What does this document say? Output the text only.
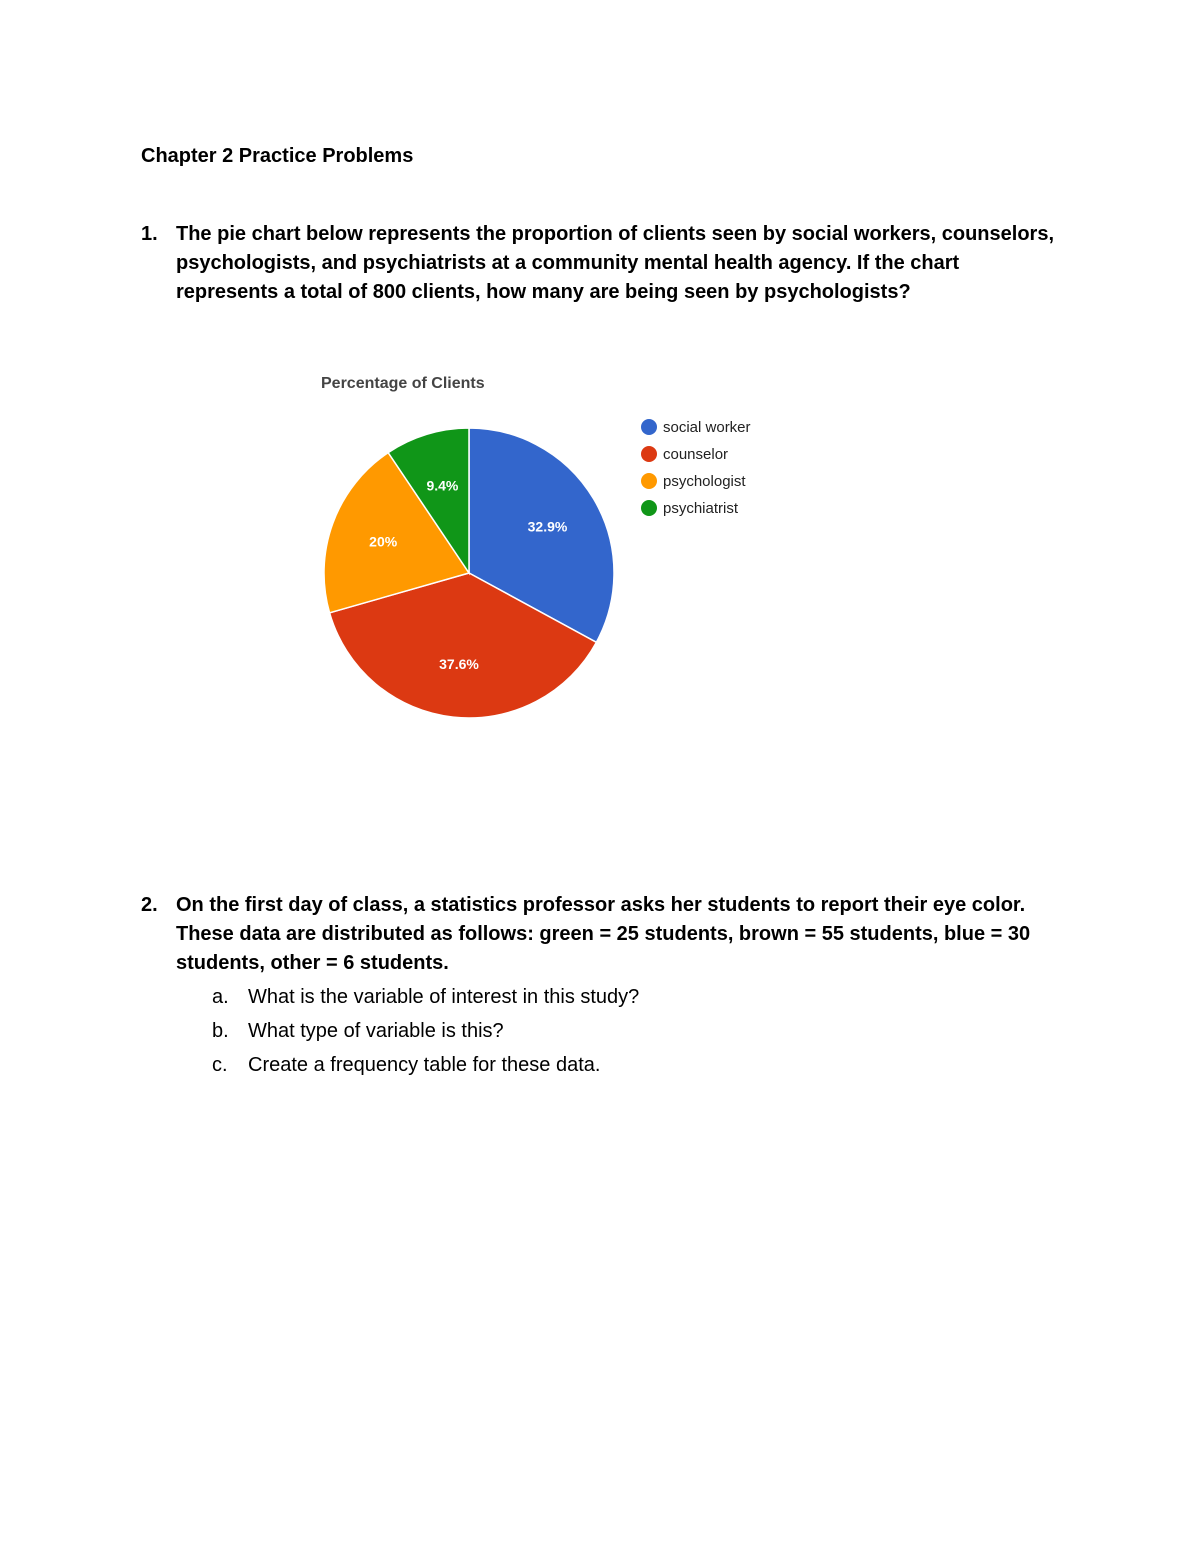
Chapter 2 Practice Problems
1. The pie chart below represents the proportion of clients seen by social workers, counselors,
psychologists, and psychiatrists at a community mental health agency. If the chart
represents a total of 800 clients, how many are being seen by psychologists?
Percentage of Clients
32.9%
37.6%
20%
9.4%
social worker
counselor
psychologist
psychiatrist
2. On the first day of class, a statistics professor asks her students to report their eye color.
These data are distributed as follows: green = 25 students, brown = 55 students, blue = 30
students, other = 6 students.
a. What is the variable of interest in this study?
b. What type of variable is this?
c. Create a frequency table for these data.
